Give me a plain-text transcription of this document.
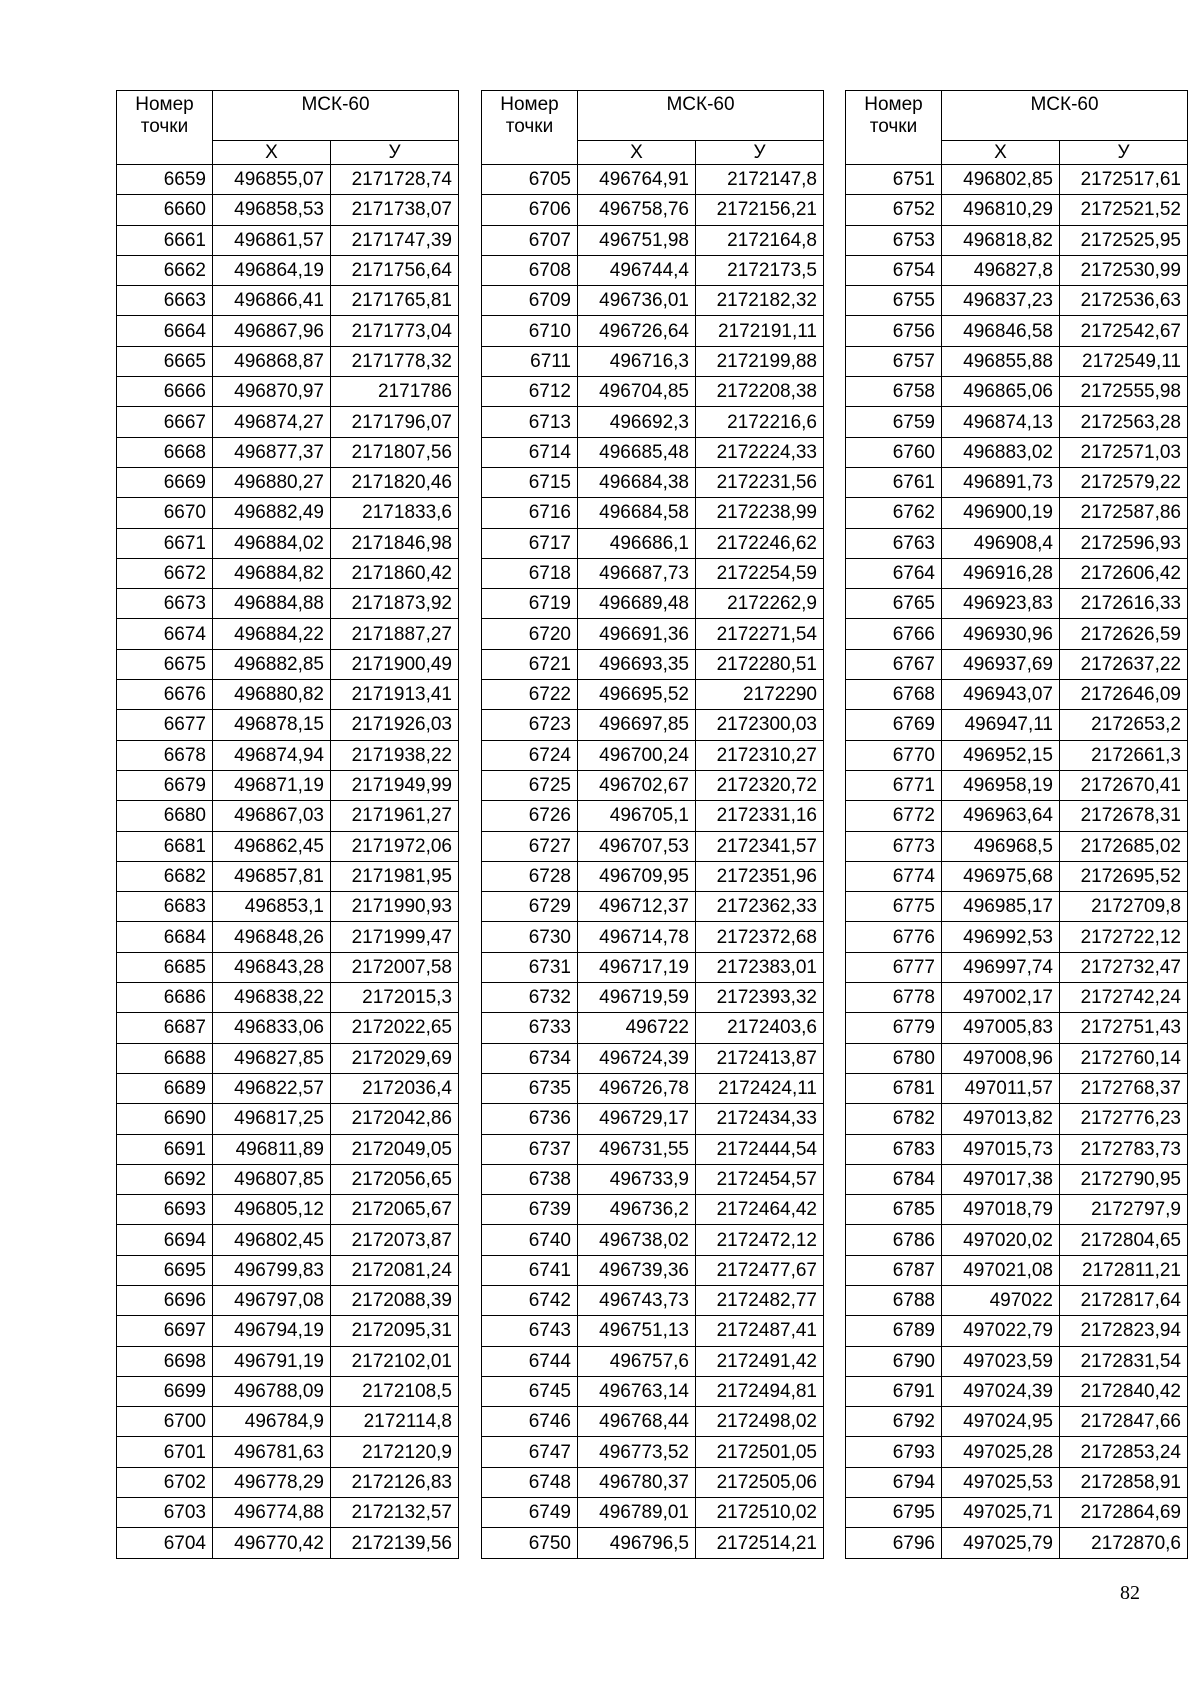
Номер
точки	МСК-60	
	X	У
6659	496855,07	2171728,74
6660	496858,53	2171738,07
6661	496861,57	2171747,39
6662	496864,19	2171756,64
6663	496866,41	2171765,81
6664	496867,96	2171773,04
6665	496868,87	2171778,32
6666	496870,97	2171786
6667	496874,27	2171796,07
6668	496877,37	2171807,56
6669	496880,27	2171820,46
6670	496882,49	2171833,6
6671	496884,02	2171846,98
6672	496884,82	2171860,42
6673	496884,88	2171873,92
6674	496884,22	2171887,27
6675	496882,85	2171900,49
6676	496880,82	2171913,41
6677	496878,15	2171926,03
6678	496874,94	2171938,22
6679	496871,19	2171949,99
6680	496867,03	2171961,27
6681	496862,45	2171972,06
6682	496857,81	2171981,95
6683	496853,1	2171990,93
6684	496848,26	2171999,47
6685	496843,28	2172007,58
6686	496838,22	2172015,3
6687	496833,06	2172022,65
6688	496827,85	2172029,69
6689	496822,57	2172036,4
6690	496817,25	2172042,86
6691	496811,89	2172049,05
6692	496807,85	2172056,65
6693	496805,12	2172065,67
6694	496802,45	2172073,87
6695	496799,83	2172081,24
6696	496797,08	2172088,39
6697	496794,19	2172095,31
6698	496791,19	2172102,01
6699	496788,09	2172108,5
6700	496784,9	2172114,8
6701	496781,63	2172120,9
6702	496778,29	2172126,83
6703	496774,88	2172132,57
6704	496770,42	2172139,56
Номер
точки	МСК-60	
	X	У
6705	496764,91	2172147,8
6706	496758,76	2172156,21
6707	496751,98	2172164,8
6708	496744,4	2172173,5
6709	496736,01	2172182,32
6710	496726,64	2172191,11
6711	496716,3	2172199,88
6712	496704,85	2172208,38
6713	496692,3	2172216,6
6714	496685,48	2172224,33
6715	496684,38	2172231,56
6716	496684,58	2172238,99
6717	496686,1	2172246,62
6718	496687,73	2172254,59
6719	496689,48	2172262,9
6720	496691,36	2172271,54
6721	496693,35	2172280,51
6722	496695,52	2172290
6723	496697,85	2172300,03
6724	496700,24	2172310,27
6725	496702,67	2172320,72
6726	496705,1	2172331,16
6727	496707,53	2172341,57
6728	496709,95	2172351,96
6729	496712,37	2172362,33
6730	496714,78	2172372,68
6731	496717,19	2172383,01
6732	496719,59	2172393,32
6733	496722	2172403,6
6734	496724,39	2172413,87
6735	496726,78	2172424,11
6736	496729,17	2172434,33
6737	496731,55	2172444,54
6738	496733,9	2172454,57
6739	496736,2	2172464,42
6740	496738,02	2172472,12
6741	496739,36	2172477,67
6742	496743,73	2172482,77
6743	496751,13	2172487,41
6744	496757,6	2172491,42
6745	496763,14	2172494,81
6746	496768,44	2172498,02
6747	496773,52	2172501,05
6748	496780,37	2172505,06
6749	496789,01	2172510,02
6750	496796,5	2172514,21
Номер
точки	МСК-60	
	X	У
6751	496802,85	2172517,61
6752	496810,29	2172521,52
6753	496818,82	2172525,95
6754	496827,8	2172530,99
6755	496837,23	2172536,63
6756	496846,58	2172542,67
6757	496855,88	2172549,11
6758	496865,06	2172555,98
6759	496874,13	2172563,28
6760	496883,02	2172571,03
6761	496891,73	2172579,22
6762	496900,19	2172587,86
6763	496908,4	2172596,93
6764	496916,28	2172606,42
6765	496923,83	2172616,33
6766	496930,96	2172626,59
6767	496937,69	2172637,22
6768	496943,07	2172646,09
6769	496947,11	2172653,2
6770	496952,15	2172661,3
6771	496958,19	2172670,41
6772	496963,64	2172678,31
6773	496968,5	2172685,02
6774	496975,68	2172695,52
6775	496985,17	2172709,8
6776	496992,53	2172722,12
6777	496997,74	2172732,47
6778	497002,17	2172742,24
6779	497005,83	2172751,43
6780	497008,96	2172760,14
6781	497011,57	2172768,37
6782	497013,82	2172776,23
6783	497015,73	2172783,73
6784	497017,38	2172790,95
6785	497018,79	2172797,9
6786	497020,02	2172804,65
6787	497021,08	2172811,21
6788	497022	2172817,64
6789	497022,79	2172823,94
6790	497023,59	2172831,54
6791	497024,39	2172840,42
6792	497024,95	2172847,66
6793	497025,28	2172853,24
6794	497025,53	2172858,91
6795	497025,71	2172864,69
6796	497025,79	2172870,6
82
